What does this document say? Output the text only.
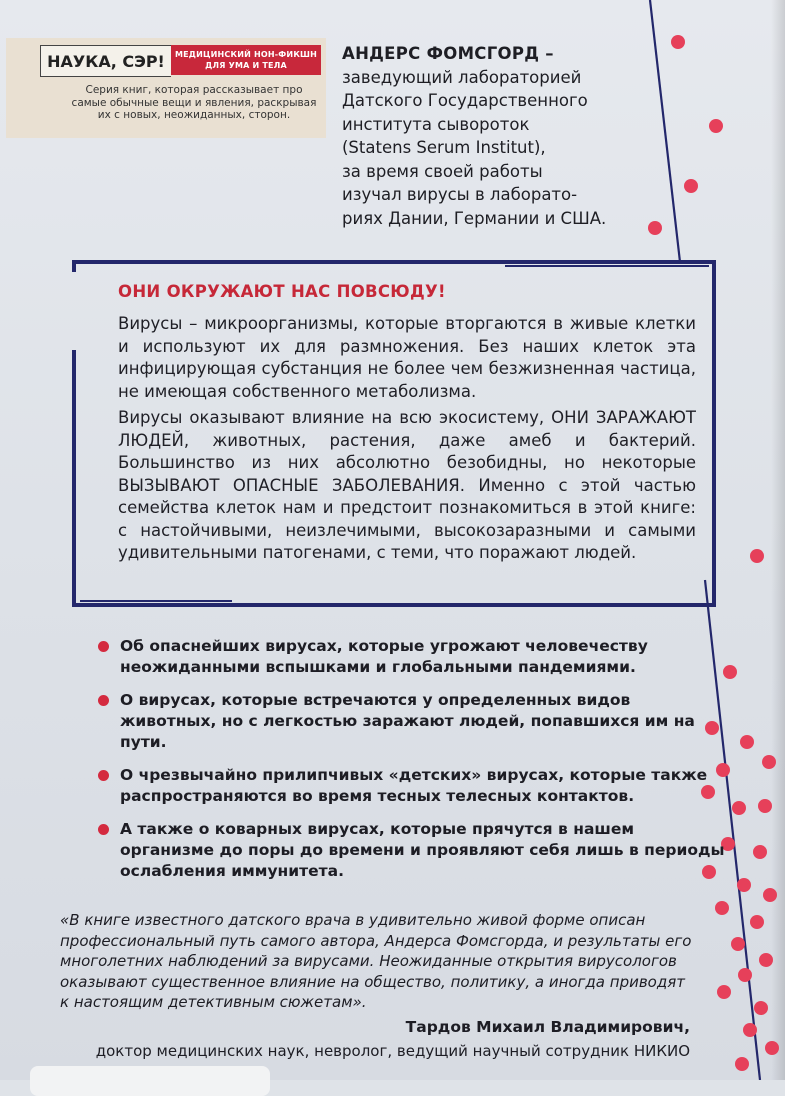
НАУКА, СЭР!	МЕДИЦИНСКИЙ НОН-ФИКШН
ДЛЯ УМА И ТЕЛА
Серия книг, которая рассказывает про
самые обычные вещи и явления, раскрывая
их с новых, неожиданных, сторон.
АНДЕРС ФОМСГОРД –
заведующий лабораторией
Датского Государственного
института сывороток
(Statens Serum Institut),
за время своей работы
изучал вирусы в лаборато-
риях Дании, Германии и США.
ОНИ ОКРУЖАЮТ НАС ПОВСЮДУ!
Вирусы – микроорганизмы, которые вторгаются в живые клетки и используют их для размножения. Без наших клеток эта инфицирующая субстанция не более чем безжизненная частица, не имеющая собственного метаболизма.
Вирусы оказывают влияние на всю экосистему, ОНИ ЗАРАЖАЮТ ЛЮДЕЙ, животных, растения, даже амеб и бактерий. Большинство из них абсолютно безобидны, но некоторые ВЫЗЫВАЮТ ОПАСНЫЕ ЗАБОЛЕВАНИЯ. Именно с этой частью семейства клеток нам и предстоит познакомиться в этой книге: с настойчивыми, неизлечимыми, высокозаразными и самыми удивительными патогенами, с теми, что поражают людей.
Об опаснейших вирусах, которые угрожают человечеству неожиданными вспышками и глобальными пандемиями.
О вирусах, которые встречаются у определенных видов животных, но с легкостью заражают людей, попавшихся им на пути.
О чрезвычайно прилипчивых «детских» вирусах, которые также распространяются во время тесных телесных контактов.
А также о коварных вирусах, которые прячутся в нашем организме до поры до времени и проявляют себя лишь в периоды ослабления иммунитета.
«В книге известного датского врача в удивительно живой форме описан профессиональный путь самого автора, Андерса Фомсгорда, и результаты его многолетних наблюдений за вирусами. Неожиданные открытия вирусологов оказывают существенное влияние на общество, политику, а иногда приводят к настоящим детективным сюжетам».
Тардов Михаил Владимирович,
доктор медицинских наук, невролог, ведущий научный сотрудник НИКИО
